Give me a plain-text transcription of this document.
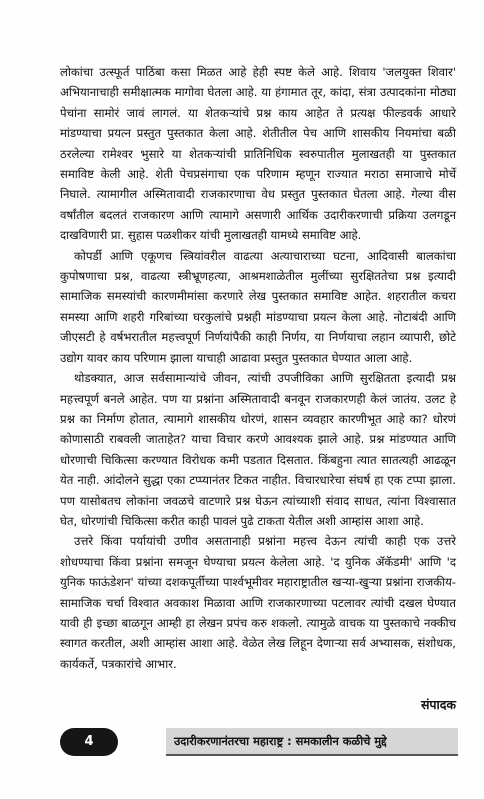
लोकांचा उत्स्फूर्त पाठिंबा कसा मिळत आहे हेही स्पष्ट केले आहे. शिवाय 'जलयुक्त शिवार' अभियानाचाही समीक्षात्मक मागोवा घेतला आहे. या हंगामात तूर, कांदा, संत्रा उत्पादकांना मोठ्या पेचांना सामोरं जावं लागलं. या शेतकऱ्यांचे प्रश्न काय आहेत ते प्रत्यक्ष फील्डवर्क आधारे मांडण्याचा प्रयत्न प्रस्तुत पुस्तकात केला आहे. शेतीतील पेच आणि शासकीय नियमांचा बळी ठरलेल्या रामेश्वर भुसारे या शेतकऱ्यांची प्रातिनिधिक स्वरुपातील मुलाखतही या पुस्तकात समाविष्ट केली आहे. शेती पेचप्रसंगाचा एक परिणाम म्हणून राज्यात मराठा समाजाचे मोर्चे निघाले. त्यामागील अस्मितावादी राजकारणाचा वेध प्रस्तुत पुस्तकात घेतला आहे. गेल्या वीस वर्षांतील बदलतं राजकारण आणि त्यामागे असणारी आर्थिक उदारीकरणाची प्रक्रिया उलगडून दाखविणारी प्रा. सुहास पळशीकर यांची मुलाखतही यामध्ये समाविष्ट आहे.

कोपर्डी आणि एकूणच स्त्रियांवरील वाढत्या अत्याचाराच्या घटना, आदिवासी बालकांचा कुपोषणाचा प्रश्न, वाढत्या स्त्रीभ्रूणहत्या, आश्रमशाळेतील मुलींच्या सुरक्षिततेचा प्रश्न इत्यादी सामाजिक समस्यांची कारणमीमांसा करणारे लेख पुस्तकात समाविष्ट आहेत. शहरातील कचरा समस्या आणि शहरी गरिबांच्या घरकुलांचे प्रश्नही मांडण्याचा प्रयत्न केला आहे. नोटाबंदी आणि जीएसटी हे वर्षभरातील महत्त्वपूर्ण निर्णयांपैकी काही निर्णय, या निर्णयाचा लहान व्यापारी, छोटे उद्योग यावर काय परिणाम झाला याचाही आढावा प्रस्तुत पुस्तकात घेण्यात आला आहे.

थोडक्यात, आज सर्वसामान्यांचे जीवन, त्यांची उपजीविका आणि सुरक्षितता इत्यादी प्रश्न महत्त्वपूर्ण बनले आहेत. पण या प्रश्नांना अस्मितावादी बनवून राजकारणही केलं जातंय. उलट हे प्रश्न का निर्माण होतात, त्यामागे शासकीय धोरणं, शासन व्यवहार कारणीभूत आहे का? धोरणं कोणासाठी राबवली जाताहेत? याचा विचार करणे आवश्यक झाले आहे. प्रश्न मांडण्यात आणि धोरणाची चिकित्सा करण्यात विरोधक कमी पडतात दिसतात. किंबहुना त्यात सातत्यही आढळून येत नाही. आंदोलने सुद्धा एका टप्प्यानंतर टिकत नाहीत. विचारधारेचा संघर्ष हा एक टप्पा झाला. पण यासोबतच लोकांना जवळचे वाटणारे प्रश्न घेऊन त्यांच्याशी संवाद साधत, त्यांना विश्वासात घेत, धोरणांची चिकित्सा करीत काही पावलं पुढे टाकता येतील अशी आम्हांस आशा आहे.

उत्तरे किंवा पर्यायांची उणीव असतानाही प्रश्नांना महत्त्व देऊन त्यांची काही एक उत्तरे शोधण्याचा किंवा प्रश्नांना समजून घेण्याचा प्रयत्न केलेला आहे. 'द युनिक ॲकॅडमी' आणि 'द युनिक फाऊंडेशन' यांच्या दशकपूर्तीच्या पार्श्वभूमीवर महाराष्ट्रातील खऱ्या-खुऱ्या प्रश्नांना राजकीय-सामाजिक चर्चा विश्वात अवकाश मिळावा आणि राजकारणाच्या पटलावर त्यांची दखल घेण्यात यावी ही इच्छा बाळगून आम्ही हा लेखन प्रपंच करु शकलो. त्यामुळे वाचक या पुस्तकाचे नक्कीच स्वागत करतील, अशी आम्हांस आशा आहे. वेळेत लेख लिहून देणाऱ्या सर्व अभ्यासक, संशोधक, कार्यकर्ते, पत्रकारांचे आभार.

संपादक
4	उदारीकरणानंतरचा महाराष्ट्र : समकालीन कळीचे मुद्दे
